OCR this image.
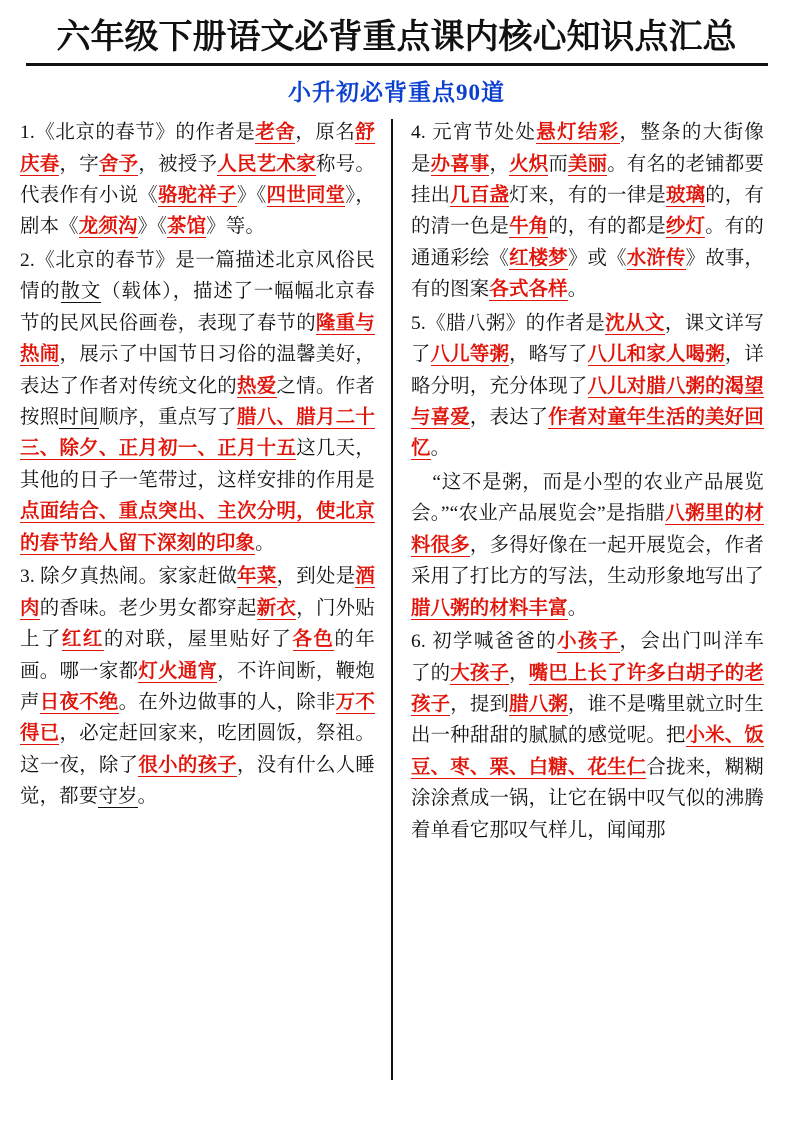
六年级下册语文必背重点课内核心知识点汇总
小升初必背重点90道

1.《北京的春节》的作者是老舍，原名舒庆春，字舍予，被授予人民艺术家称号。代表作有小说《骆驼祥子》《四世同堂》，剧本《龙须沟》《茶馆》等。

2.《北京的春节》是一篇描述北京风俗民情的散文（载体），描述了一幅幅北京春节的民风民俗画卷，表现了春节的隆重与热闹，展示了中国节日习俗的温馨美好，表达了作者对传统文化的热爱之情。作者按照时间顺序，重点写了腊八、腊月二十三、除夕、正月初一、正月十五这几天，其他的日子一笔带过，这样安排的作用是点面结合、重点突出、主次分明，使北京的春节给人留下深刻的印象。

3. 除夕真热闹。家家赶做年菜，到处是酒肉的香味。老少男女都穿起新衣，门外贴上了红红的对联，屋里贴好了各色的年画。哪一家都灯火通宵，不许间断，鞭炮声日夜不绝。在外边做事的人，除非万不得已，必定赶回家来，吃团圆饭，祭祖。这一夜，除了很小的孩子，没有什么人睡觉，都要守岁。

4. 元宵节处处悬灯结彩，整条的大街像是办喜事，火炽而美丽。有名的老铺都要挂出几百盏灯来，有的一律是玻璃的，有的清一色是牛角的，有的都是纱灯。有的通通彩绘《红楼梦》或《水浒传》故事，有的图案各式各样。

5.《腊八粥》的作者是沈从文，课文详写了八儿等粥，略写了八儿和家人喝粥，详略分明，充分体现了八儿对腊八粥的渴望与喜爱，表达了作者对童年生活的美好回忆。

“这不是粥，而是小型的农业产品展览会。”“农业产品展览会”是指腊八粥里的材料很多，多得好像在一起开展览会，作者采用了打比方的写法，生动形象地写出了腊八粥的材料丰富。

6. 初学喊爸爸的小孩子，会出门叫洋车了的大孩子，嘴巴上长了许多白胡子的老孩子，提到腊八粥，谁不是嘴里就立时生出一种甜甜的腻腻的感觉呢。把小米、饭豆、枣、栗、白糖、花生仁合拢来，糊糊涂涂煮成一锅，让它在锅中叹气似的沸腾着单看它那叹气样儿，闻闻那
